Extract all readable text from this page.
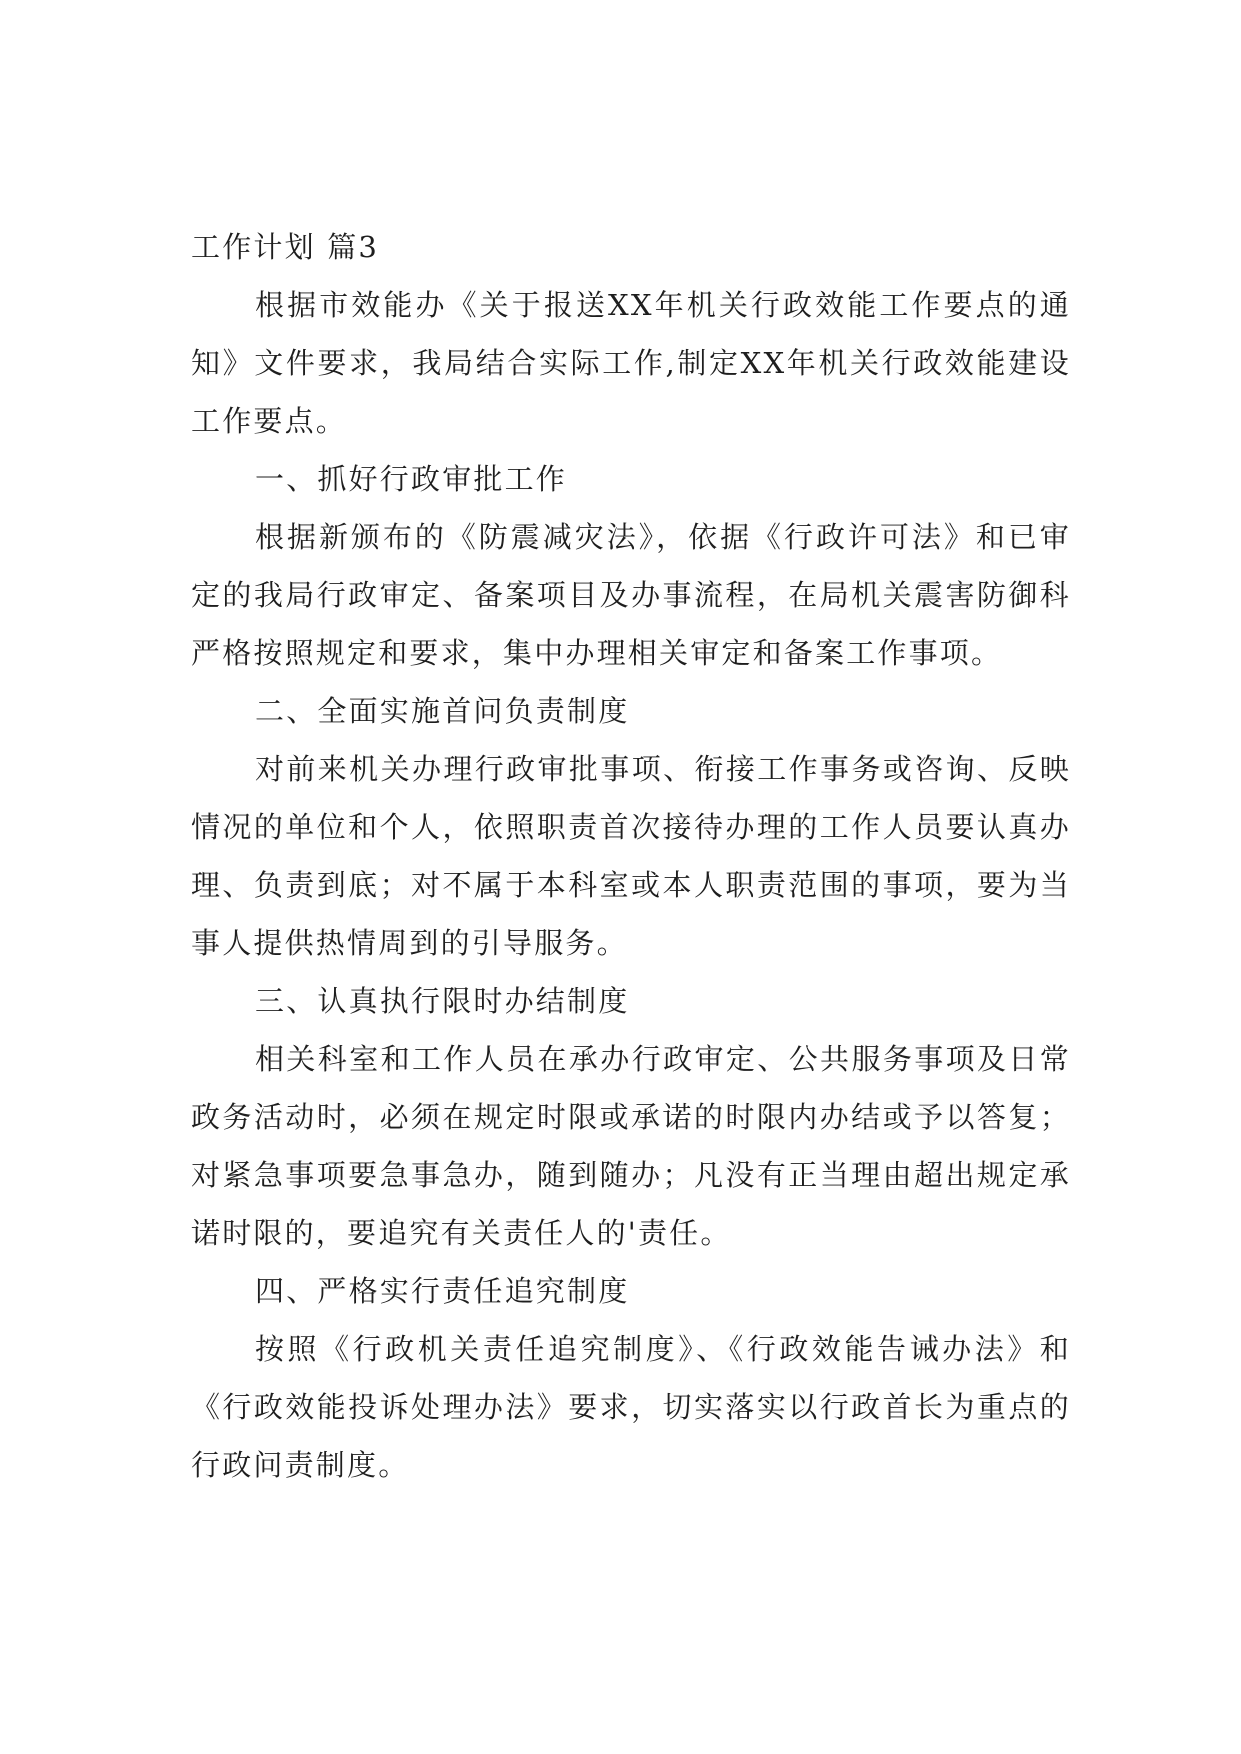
工作计划 篇3

根据市效能办《关于报送XX年机关行政效能工作要点的通知》文件要求，我局结合实际工作,制定XX年机关行政效能建设工作要点。

一、抓好行政审批工作

根据新颁布的《防震减灾法》，依据《行政许可法》和已审定的我局行政审定、备案项目及办事流程，在局机关震害防御科严格按照规定和要求，集中办理相关审定和备案工作事项。

二、全面实施首问负责制度

对前来机关办理行政审批事项、衔接工作事务或咨询、反映情况的单位和个人，依照职责首次接待办理的工作人员要认真办理、负责到底；对不属于本科室或本人职责范围的事项，要为当事人提供热情周到的引导服务。

三、认真执行限时办结制度

相关科室和工作人员在承办行政审定、公共服务事项及日常政务活动时，必须在规定时限或承诺的时限内办结或予以答复；对紧急事项要急事急办，随到随办；凡没有正当理由超出规定承诺时限的，要追究有关责任人的'责任。

四、严格实行责任追究制度

按照《行政机关责任追究制度》、《行政效能告诫办法》和《行政效能投诉处理办法》要求，切实落实以行政首长为重点的行政问责制度。
